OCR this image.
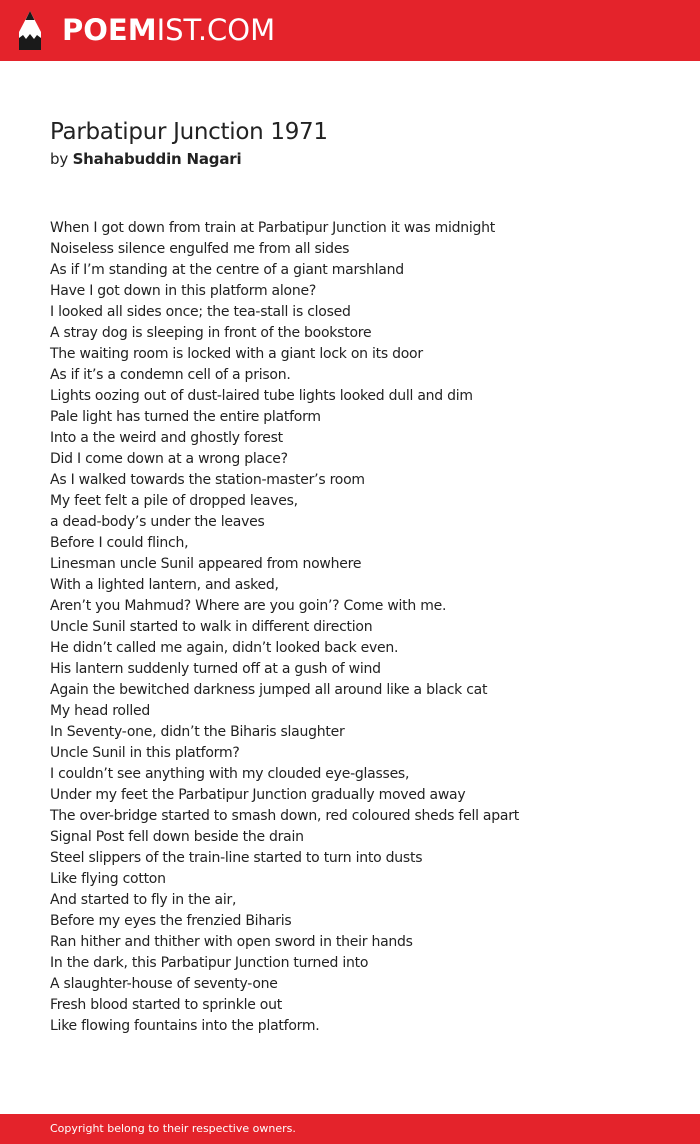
POEMIST.COM
Parbatipur Junction 1971
by Shahabuddin Nagari
When I got down from train at Parbatipur Junction it was midnight
Noiseless silence engulfed me from all sides
As if I’m standing at the centre of a giant marshland
Have I got down in this platform alone?
I looked all sides once; the tea-stall is closed
A stray dog is sleeping in front of the bookstore
The waiting room is locked with a giant lock on its door
As if it’s a condemn cell of a prison.
Lights oozing out of dust-laired tube lights looked dull and dim
Pale light has turned the entire platform
Into a the weird and ghostly forest
Did I come down at a wrong place?
As I walked towards the station-master’s room
My feet felt a pile of dropped leaves,
a dead-body’s under the leaves
Before I could flinch,
Linesman uncle Sunil appeared from nowhere
With a lighted lantern, and asked,
Aren’t you Mahmud? Where are you goin’? Come with me.
Uncle Sunil started to walk in different direction
He didn’t called me again, didn’t looked back even.
His lantern suddenly turned off at a gush of wind
Again the bewitched darkness jumped all around like a black cat
My head rolled
In Seventy-one, didn’t the Biharis slaughter
Uncle Sunil in this platform?
I couldn’t see anything with my clouded eye-glasses,
Under my feet the Parbatipur Junction gradually moved away
The over-bridge started to smash down, red coloured sheds fell apart
Signal Post fell down beside the drain
Steel slippers of the train-line started to turn into dusts
Like flying cotton
And started to fly in the air,
Before my eyes the frenzied Biharis
Ran hither and thither with open sword in their hands
In the dark, this Parbatipur Junction turned into
A slaughter-house of seventy-one
Fresh blood started to sprinkle out
Like flowing fountains into the platform.
Copyright belong to their respective owners.
